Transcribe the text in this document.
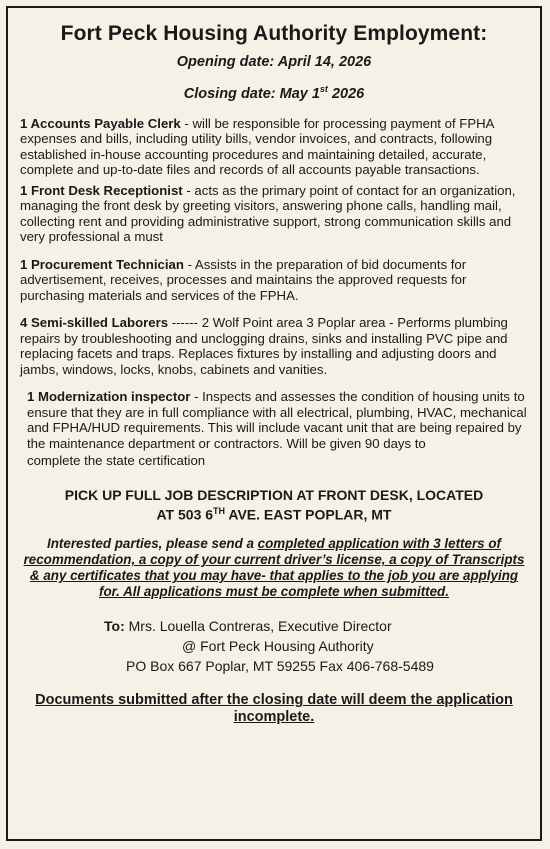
Fort Peck Housing Authority Employment:
Opening date: April 14, 2026
Closing date: May 1st 2026

1 Accounts Payable Clerk - will be responsible for processing payment of FPHA expenses and bills, including utility bills, vendor invoices, and contracts, following established in-house accounting procedures and maintaining detailed, accurate, complete and up-to-date files and records of all accounts payable transactions.

1 Front Desk Receptionist - acts as the primary point of contact for an organization, managing the front desk by greeting visitors, answering phone calls, handling mail, collecting rent and providing administrative support, strong communication skills and very professional a must

1 Procurement Technician - Assists in the preparation of bid documents for advertisement, receives, processes and maintains the approved requests for purchasing materials and services of the FPHA.

4 Semi-skilled Laborers ------ 2 Wolf Point area 3 Poplar area - Performs plumbing repairs by troubleshooting and unclogging drains, sinks and installing PVC pipe and replacing facets and traps. Replaces fixtures by installing and adjusting doors and jambs, windows, locks, knobs, cabinets and vanities.

1 Modernization inspector - Inspects and assesses the condition of housing units to ensure that they are in full compliance with all electrical, plumbing, HVAC, mechanical and FPHA/HUD requirements. This will include vacant unit that are being repaired by the maintenance department or contractors. Will be given 90 days to
complete the state certification

PICK UP FULL JOB DESCRIPTION AT FRONT DESK, LOCATED
AT 503 6TH AVE. EAST POPLAR, MT
Interested parties, please send a completed application with 3 letters of recommendation, a copy of your current driver’s license, a copy of Transcripts & any certificates that you may have- that applies to the job you are applying for. All applications must be complete when submitted.
To: Mrs. Louella Contreras, Executive Director
@ Fort Peck Housing Authority
PO Box 667 Poplar, MT 59255 Fax 406-768-5489
Documents submitted after the closing date will deem the application incomplete.
